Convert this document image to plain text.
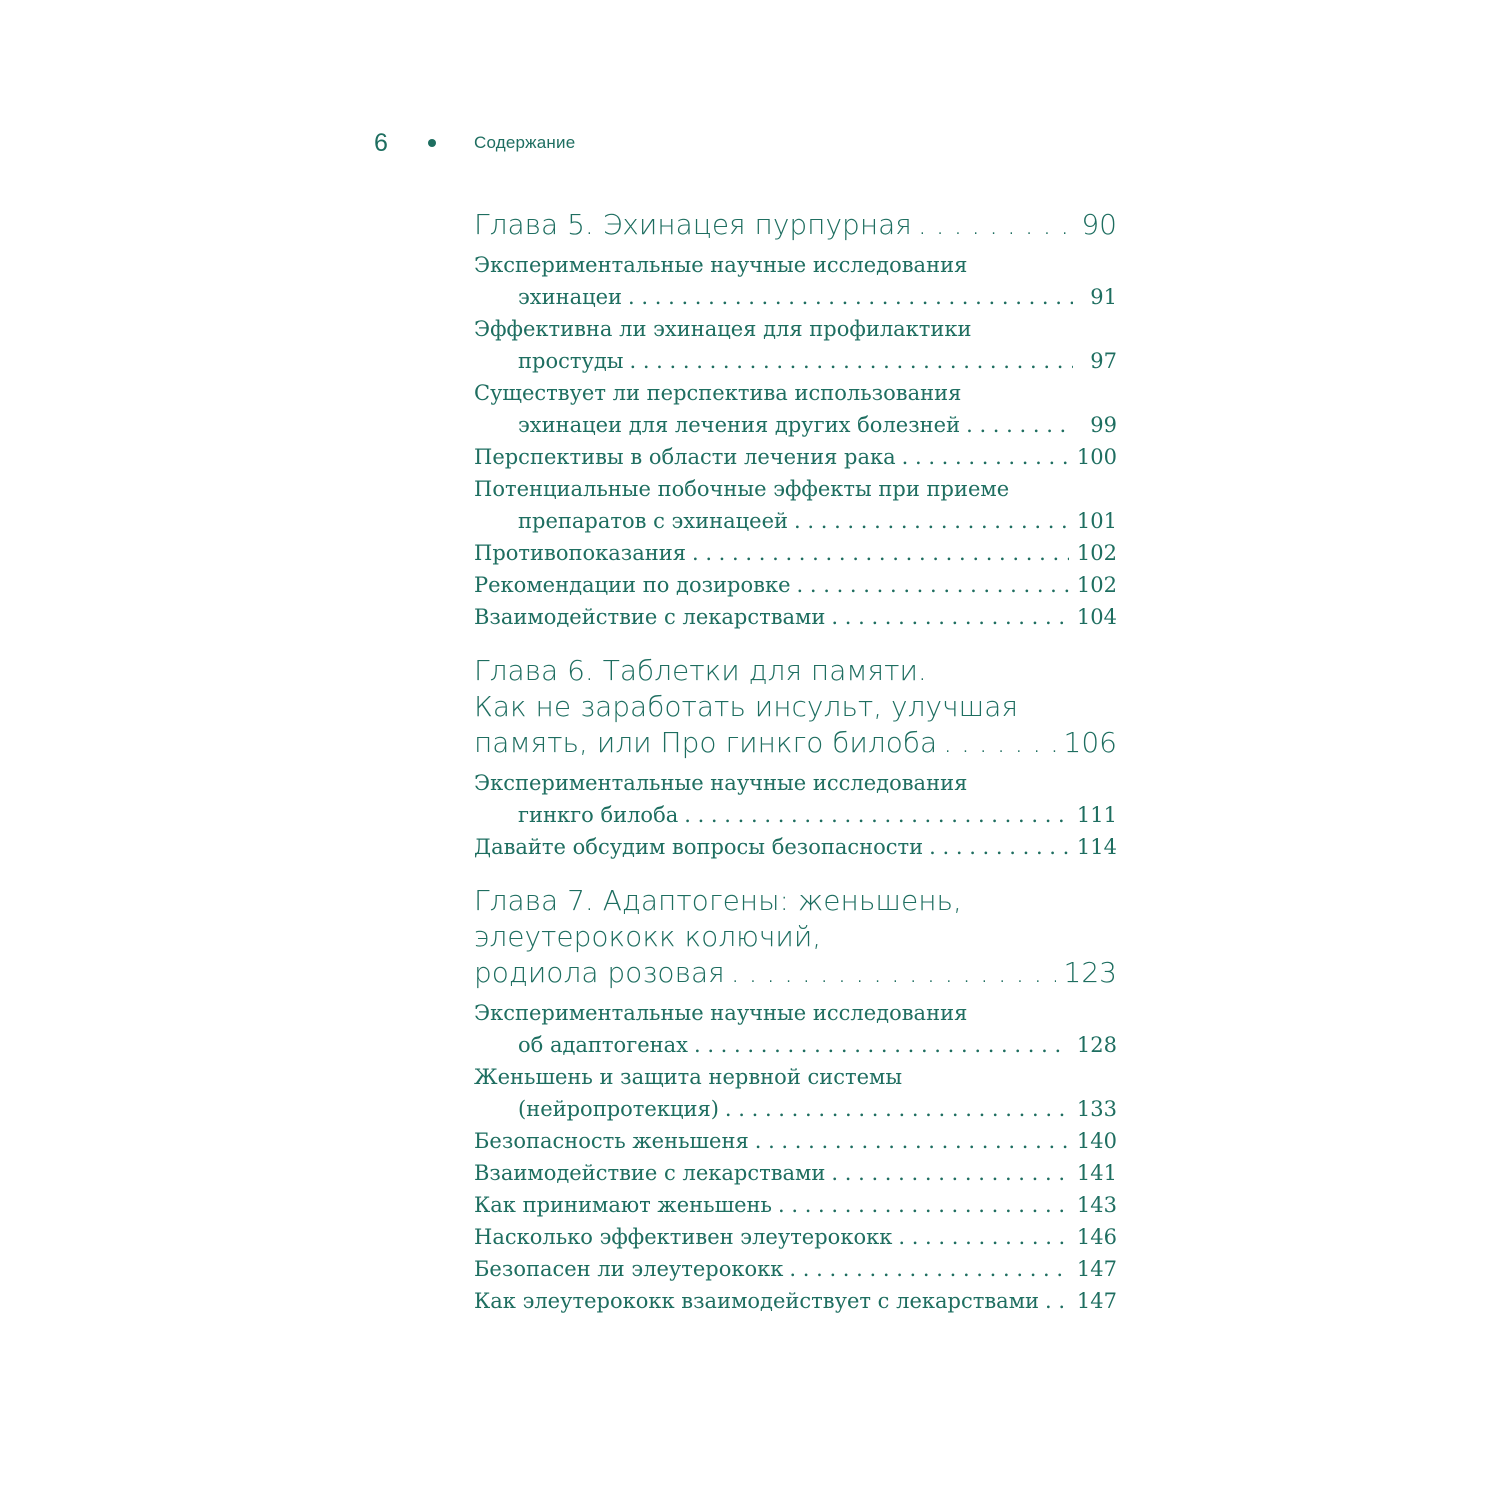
6	Содержание
Глава 5. Эхинацея пурпурная . . .	90
Экспериментальные научные исследования
эхинацеи . . .	91
Эффективна ли эхинацея для профилактики
простуды . . .	97
Существует ли перспектива использования
эхинацеи для лечения других болезней . . .	99
Перспективы в области лечения рака . . .	100
Потенциальные побочные эффекты при приеме
препаратов с эхинацеей . . .	101
Противопоказания . . .	102
Рекомендации по дозировке . . .	102
Взаимодействие с лекарствами . . .	104
Глава 6. Таблетки для памяти.
Как не заработать инсульт, улучшая
память, или Про гинкго билоба . . .	106
Экспериментальные научные исследования
гинкго билоба . . .	111
Давайте обсудим вопросы безопасности . . .	114
Глава 7. Адаптогены: женьшень,
элеутерококк колючий,
родиола розовая . . .	123
Экспериментальные научные исследования
об адаптогенах . . .	128
Женьшень и защита нервной системы
(нейропротекция) . . .	133
Безопасность женьшеня . . .	140
Взаимодействие с лекарствами . . .	141
Как принимают женьшень . . .	143
Насколько эффективен элеутерококк . . .	146
Безопасен ли элеутерококк . . .	147
Как элеутерококк взаимодействует с лекарствами . . . 147
